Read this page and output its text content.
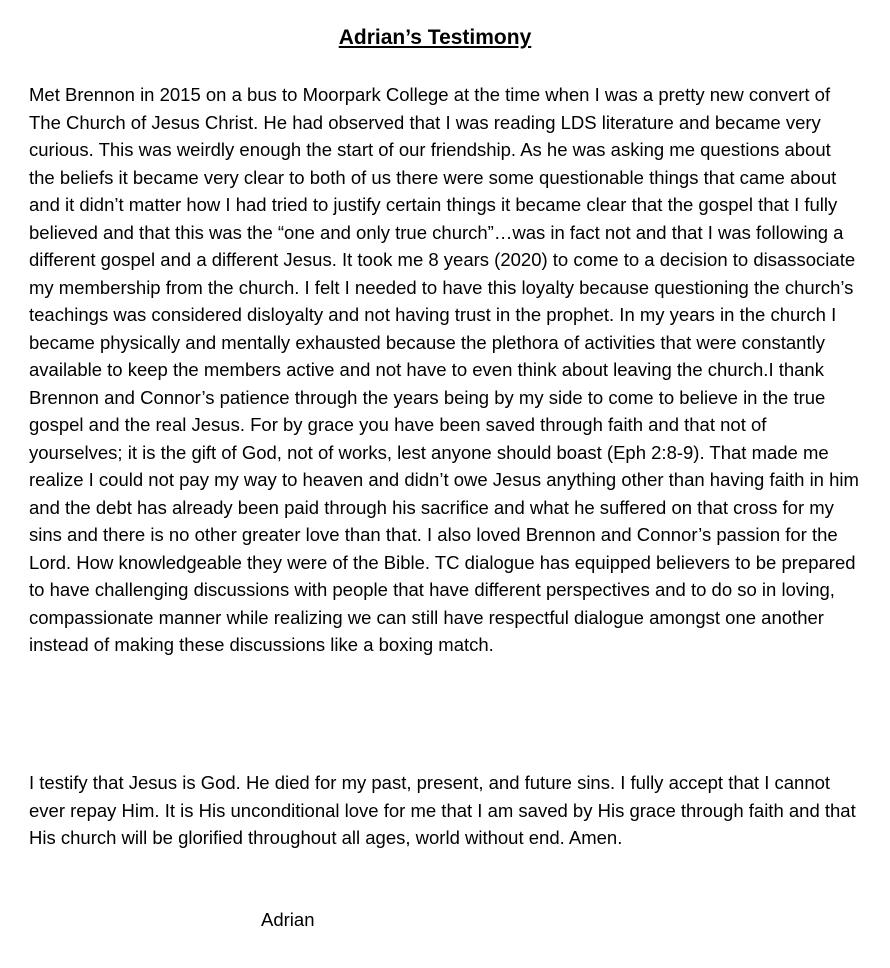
Adrian’s Testimony

Met Brennon in 2015 on a bus to Moorpark College at the time when I was a pretty new convert of The Church of Jesus Christ. He had observed that I was reading LDS literature and became very curious. This was weirdly enough the start of our friendship. As he was asking me questions about the beliefs it became very clear to both of us there were some questionable things that came about and it didn’t matter how I had tried to justify certain things it became clear that the gospel that I fully believed and that this was the “one and only true church”…was in fact not and that I was following a different gospel and a different Jesus. It took me 8 years (2020) to come to a decision to disassociate my membership from the church. I felt I needed to have this loyalty because questioning the church’s teachings was considered disloyalty and not having trust in the prophet. In my years in the church I became physically and mentally exhausted because the plethora of activities that were constantly available to keep the members active and not have to even think about leaving the church.I thank Brennon and Connor’s patience through the years being by my side to come to believe in the true gospel and the real Jesus. For by grace you have been saved through faith and that not of yourselves; it is the gift of God, not of works, lest anyone should boast (Eph 2:8-9). That made me realize I could not pay my way to heaven and didn’t owe Jesus anything other than having faith in him and the debt has already been paid through his sacrifice and what he suffered on that cross for my sins and there is no other greater love than that. I also loved Brennon and Connor’s passion for the Lord. How knowledgeable they were of the Bible. TC dialogue has equipped believers to be prepared to have challenging discussions with people that have different perspectives and to do so in loving, compassionate manner while realizing we can still have respectful dialogue amongst one another instead of making these discussions like a boxing match.

I testify that Jesus is God. He died for my past, present, and future sins. I fully accept that I cannot ever repay Him. It is His unconditional love for me that I am saved by His grace through faith and that His church will be glorified throughout all ages, world without end. Amen.

Adrian
